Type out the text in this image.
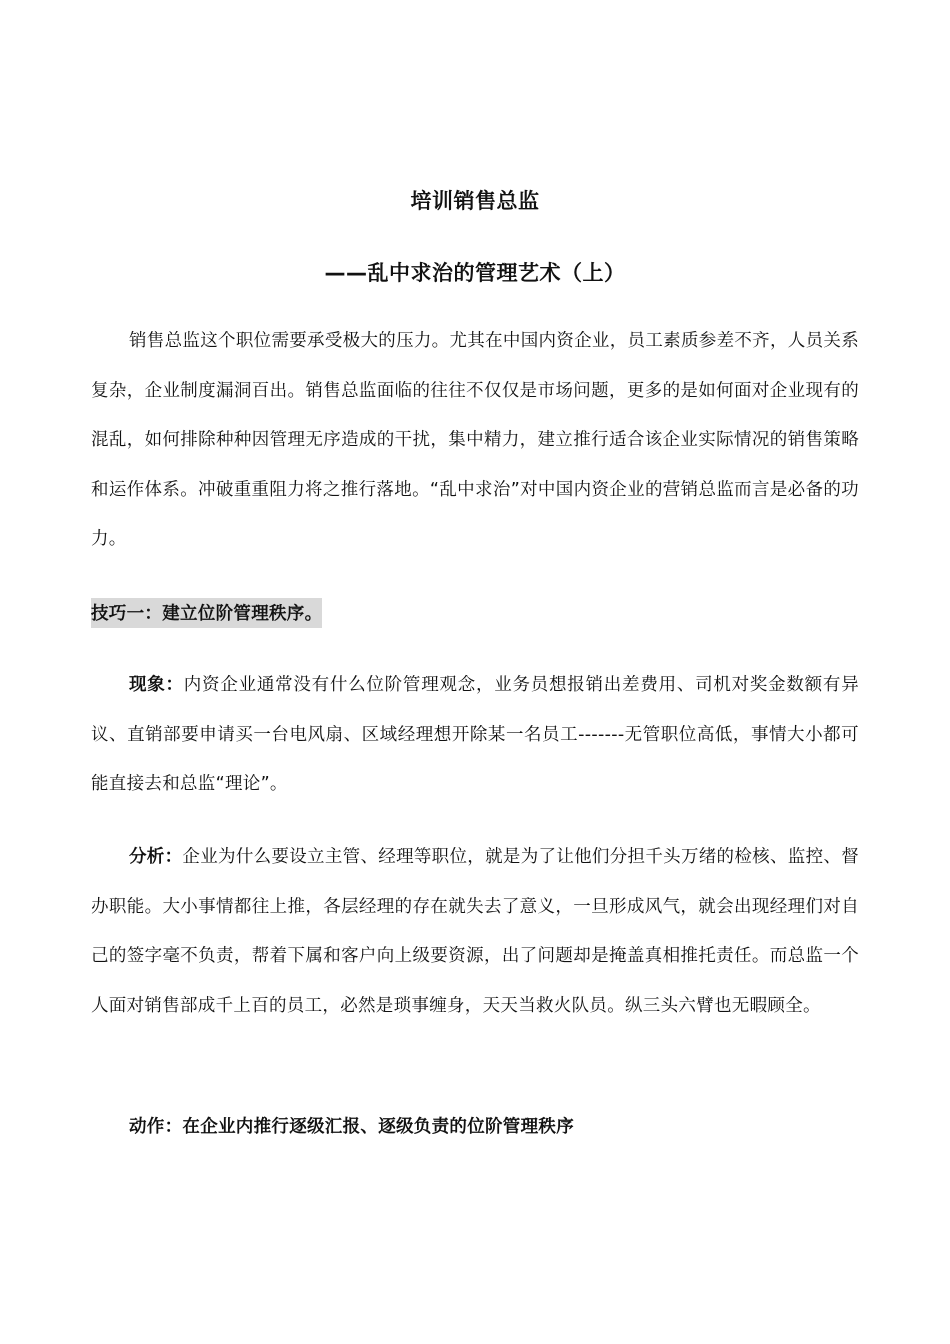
培训销售总监
——乱中求治的管理艺术（上）

销售总监这个职位需要承受极大的压力。尤其在中国内资企业，员工素质参差不齐，人员关系复杂，企业制度漏洞百出。销售总监面临的往往不仅仅是市场问题，更多的是如何面对企业现有的混乱，如何排除种种因管理无序造成的干扰，集中精力，建立推行适合该企业实际情况的销售策略和运作体系。冲破重重阻力将之推行落地。“乱中求治”对中国内资企业的营销总监而言是必备的功力。

技巧一：建立位阶管理秩序。

现象：内资企业通常没有什么位阶管理观念，业务员想报销出差费用、司机对奖金数额有异议、直销部要申请买一台电风扇、区域经理想开除某一名员工-------无管职位高低，事情大小都可能直接去和总监“理论”。

分析：企业为什么要设立主管、经理等职位，就是为了让他们分担千头万绪的检核、监控、督办职能。大小事情都往上推，各层经理的存在就失去了意义，一旦形成风气，就会出现经理们对自己的签字毫不负责，帮着下属和客户向上级要资源，出了问题却是掩盖真相推托责任。而总监一个人面对销售部成千上百的员工，必然是琐事缠身，天天当救火队员。纵三头六臂也无暇顾全。

动作：在企业内推行逐级汇报、逐级负责的位阶管理秩序
